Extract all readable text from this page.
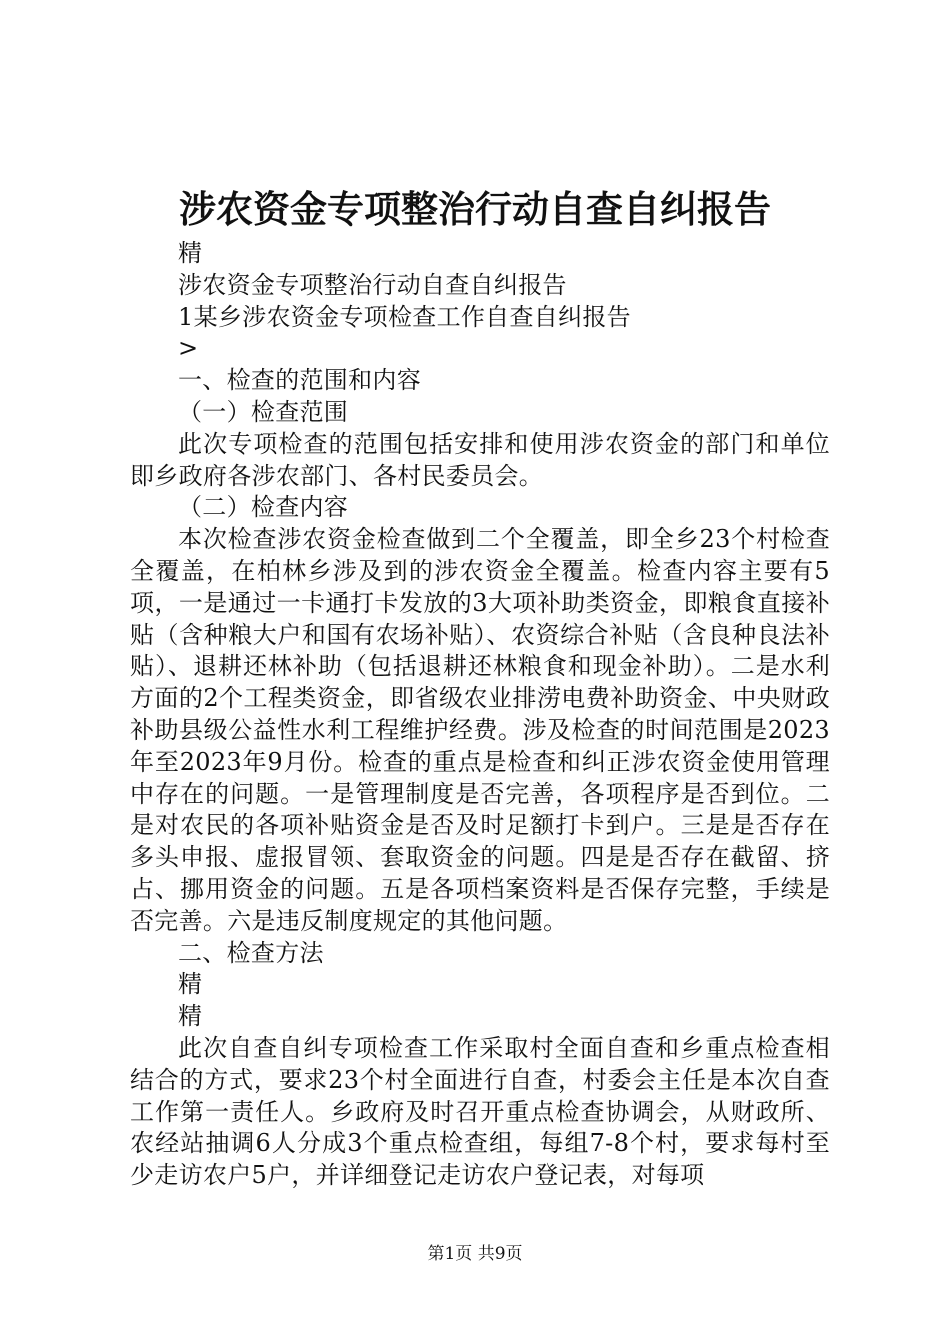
涉农资金专项整治行动自查自纠报告

精

涉农资金专项整治行动自查自纠报告

1某乡涉农资金专项检查工作自查自纠报告

>

一、检查的范围和内容

（一）检查范围

此次专项检查的范围包括安排和使用涉农资金的部门和单位即乡政府各涉农部门、各村民委员会。

（二）检查内容

本次检查涉农资金检查做到二个全覆盖，即全乡23个村检查全覆盖，在柏林乡涉及到的涉农资金全覆盖。检查内容主要有5项，一是通过一卡通打卡发放的3大项补助类资金，即粮食直接补贴（含种粮大户和国有农场补贴）、农资综合补贴（含良种良法补贴）、退耕还林补助（包括退耕还林粮食和现金补助）。二是水利方面的2个工程类资金，即省级农业排涝电费补助资金、中央财政补助县级公益性水利工程维护经费。涉及检查的时间范围是2023年至2023年9月份。检查的重点是检查和纠正涉农资金使用管理中存在的问题。一是管理制度是否完善，各项程序是否到位。二是对农民的各项补贴资金是否及时足额打卡到户。三是是否存在多头申报、虚报冒领、套取资金的问题。四是是否存在截留、挤占、挪用资金的问题。五是各项档案资料是否保存完整，手续是否完善。六是违反制度规定的其他问题。

二、检查方法

精

精

此次自查自纠专项检查工作采取村全面自查和乡重点检查相结合的方式，要求23个村全面进行自查，村委会主任是本次自查工作第一责任人。乡政府及时召开重点检查协调会，从财政所、农经站抽调6人分成3个重点检查组，每组7-8个村，要求每村至少走访农户5户，并详细登记走访农户登记表，对每项

第1页 共9页
